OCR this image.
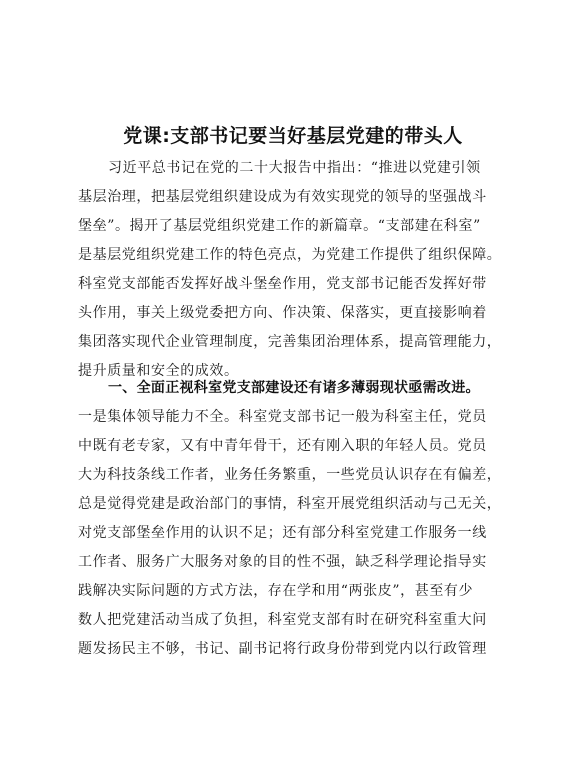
党课:支部书记要当好基层党建的带头人
习近平总书记在党的二十大报告中指出：“推进以党建引领
基层治理，把基层党组织建设成为有效实现党的领导的坚强战斗
堡垒”。揭开了基层党组织党建工作的新篇章。“支部建在科室”
是基层党组织党建工作的特色亮点，为党建工作提供了组织保障。
科室党支部能否发挥好战斗堡垒作用，党支部书记能否发挥好带
头作用，事关上级党委把方向、作决策、保落实，更直接影响着
集团落实现代企业管理制度，完善集团治理体系，提高管理能力，
提升质量和安全的成效。
一、全面正视科室党支部建设还有诸多薄弱现状亟需改进。
一是集体领导能力不全。科室党支部书记一般为科室主任，党员
中既有老专家，又有中青年骨干，还有刚入职的年轻人员。党员
大为科技条线工作者，业务任务繁重，一些党员认识存在有偏差，
总是觉得党建是政治部门的事情，科室开展党组织活动与己无关，
对党支部堡垒作用的认识不足；还有部分科室党建工作服务一线
工作者、服务广大服务对象的目的性不强，缺乏科学理论指导实
践解决实际问题的方式方法，存在学和用“两张皮”，甚至有少
数人把党建活动当成了负担，科室党支部有时在研究科室重大问
题发扬民主不够，书记、副书记将行政身份带到党内以行政管理
